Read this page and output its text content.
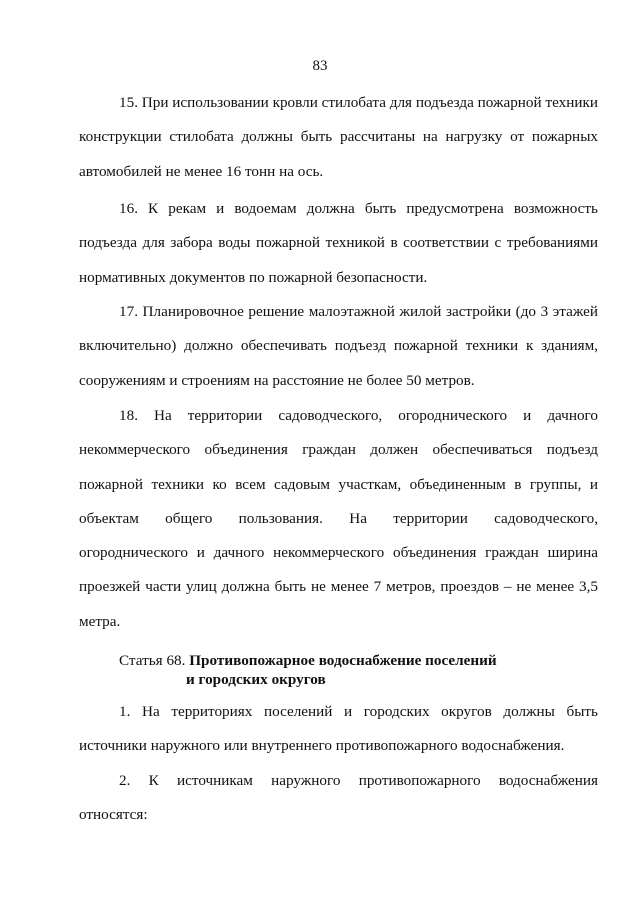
83

15. При использовании кровли стилобата для подъезда пожарной техники конструкции стилобата должны быть рассчитаны на нагрузку от пожарных автомобилей не менее 16 тонн на ось.

16. К рекам и водоемам должна быть предусмотрена возможность подъезда для забора воды пожарной техникой в соответствии с требованиями нормативных документов по пожарной безопасности.

17. Планировочное решение малоэтажной жилой застройки (до 3 этажей включительно) должно обеспечивать подъезд пожарной техники к зданиям, сооружениям и строениям на расстояние не более 50 метров.

18. На территории садоводческого, огороднического и дачного некоммерческого объединения граждан должен обеспечиваться подъезд пожарной техники ко всем садовым участкам, объединенным в группы, и объектам общего пользования. На территории садоводческого, огороднического и дачного некоммерческого объединения граждан ширина проезжей части улиц должна быть не менее 7 метров, проездов – не менее 3,5 метра.

Статья 68. Противопожарное водоснабжение поселений
и городских округов

1. На территориях поселений и городских округов должны быть источники наружного или внутреннего противопожарного водоснабжения.

2. К источникам наружного противопожарного водоснабжения относятся:
